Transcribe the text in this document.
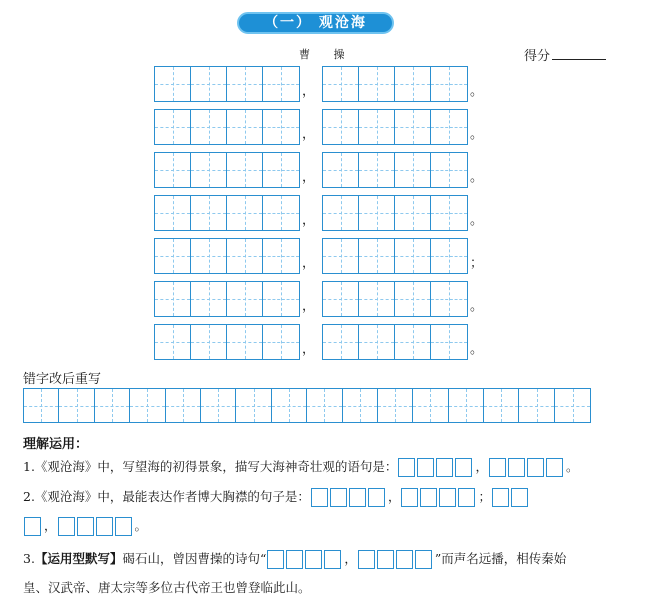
（一） 观沧海
曹 操	得分
，	。
，	。
，	。
，	。
，	；
，	。
，	。
错字改后重写
理解运用：
1.《观沧海》中，写望海的初得景象，描写大海神奇壮观的语句是：	，	。
2.《观沧海》中，最能表达作者博大胸襟的句子是：	，	；
，	。
3.【运用型默写】碣石山，曾因曹操的诗句“	，	”而声名远播，相传秦始
皇、汉武帝、唐太宗等多位古代帝王也曾登临此山。
